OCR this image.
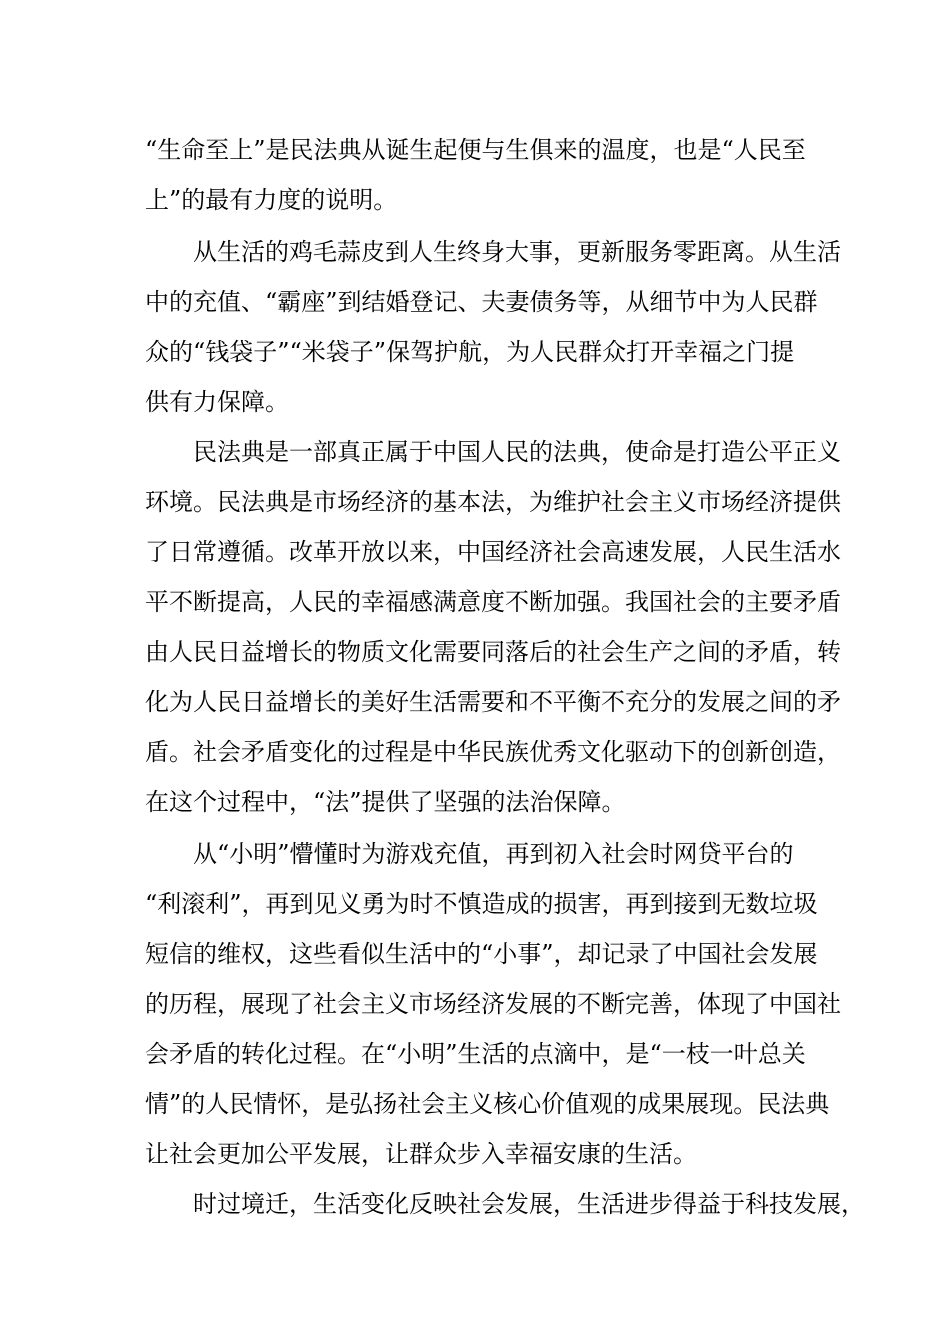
“生命至上”是民法典从诞生起便与生俱来的温度，也是“人民至

上”的最有力度的说明。

从生活的鸡毛蒜皮到人生终身大事，更新服务零距离。从生活

中的充值、“霸座”到结婚登记、夫妻债务等，从细节中为人民群

众的“钱袋子”“米袋子”保驾护航，为人民群众打开幸福之门提

供有力保障。

民法典是一部真正属于中国人民的法典，使命是打造公平正义

环境。民法典是市场经济的基本法，为维护社会主义市场经济提供

了日常遵循。改革开放以来，中国经济社会高速发展，人民生活水

平不断提高，人民的幸福感满意度不断加强。我国社会的主要矛盾

由人民日益增长的物质文化需要同落后的社会生产之间的矛盾，转

化为人民日益增长的美好生活需要和不平衡不充分的发展之间的矛

盾。社会矛盾变化的过程是中华民族优秀文化驱动下的创新创造，

在这个过程中，“法”提供了坚强的法治保障。

从“小明”懵懂时为游戏充值，再到初入社会时网贷平台的

“利滚利”，再到见义勇为时不慎造成的损害，再到接到无数垃圾

短信的维权，这些看似生活中的“小事”，却记录了中国社会发展

的历程，展现了社会主义市场经济发展的不断完善，体现了中国社

会矛盾的转化过程。在“小明”生活的点滴中，是“一枝一叶总关

情”的人民情怀，是弘扬社会主义核心价值观的成果展现。民法典

让社会更加公平发展，让群众步入幸福安康的生活。

时过境迁，生活变化反映社会发展，生活进步得益于科技发展，
